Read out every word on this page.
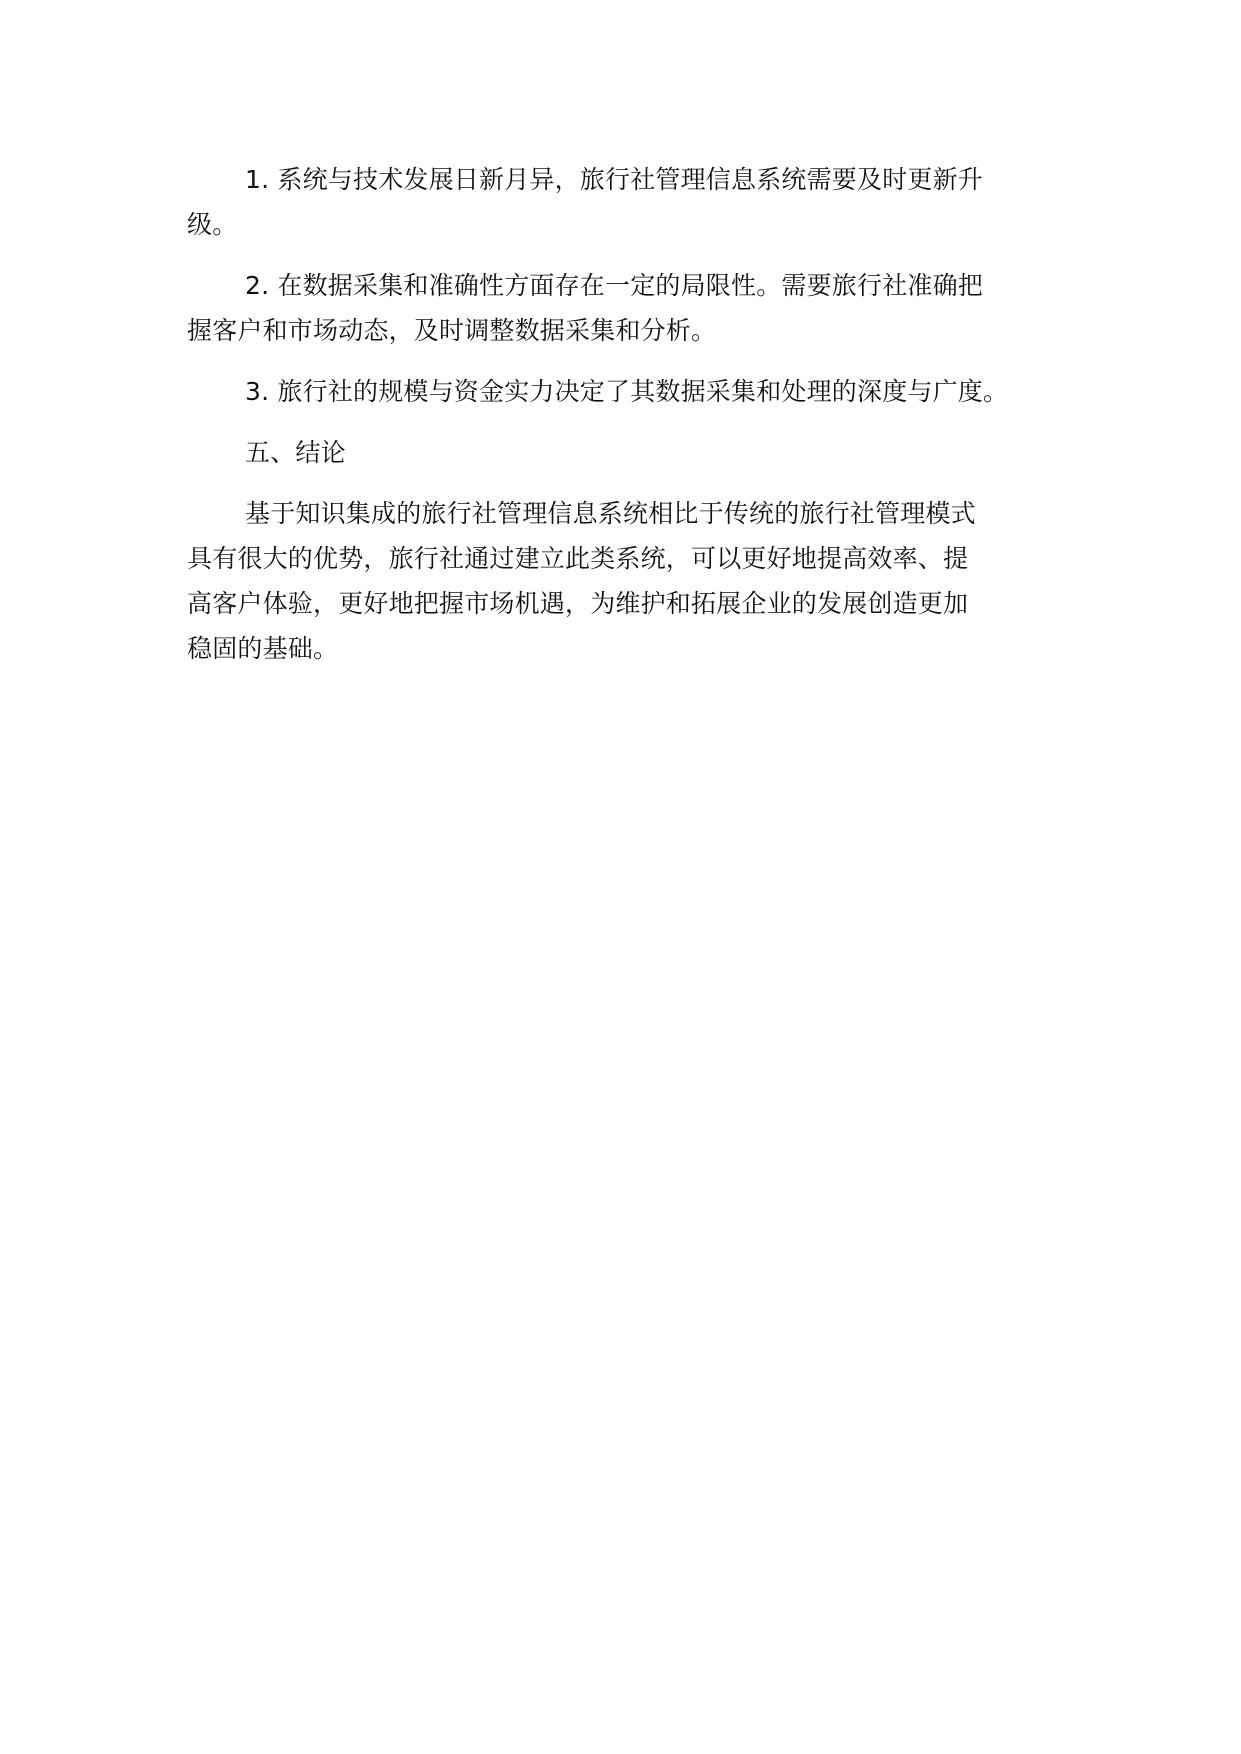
1. 系统与技术发展日新月异，旅行社管理信息系统需要及时更新升
级。

2. 在数据采集和准确性方面存在一定的局限性。需要旅行社准确把
握客户和市场动态，及时调整数据采集和分析。

3. 旅行社的规模与资金实力决定了其数据采集和处理的深度与广度。

五、结论

基于知识集成的旅行社管理信息系统相比于传统的旅行社管理模式
具有很大的优势，旅行社通过建立此类系统，可以更好地提高效率、提
高客户体验，更好地把握市场机遇，为维护和拓展企业的发展创造更加
稳固的基础。
